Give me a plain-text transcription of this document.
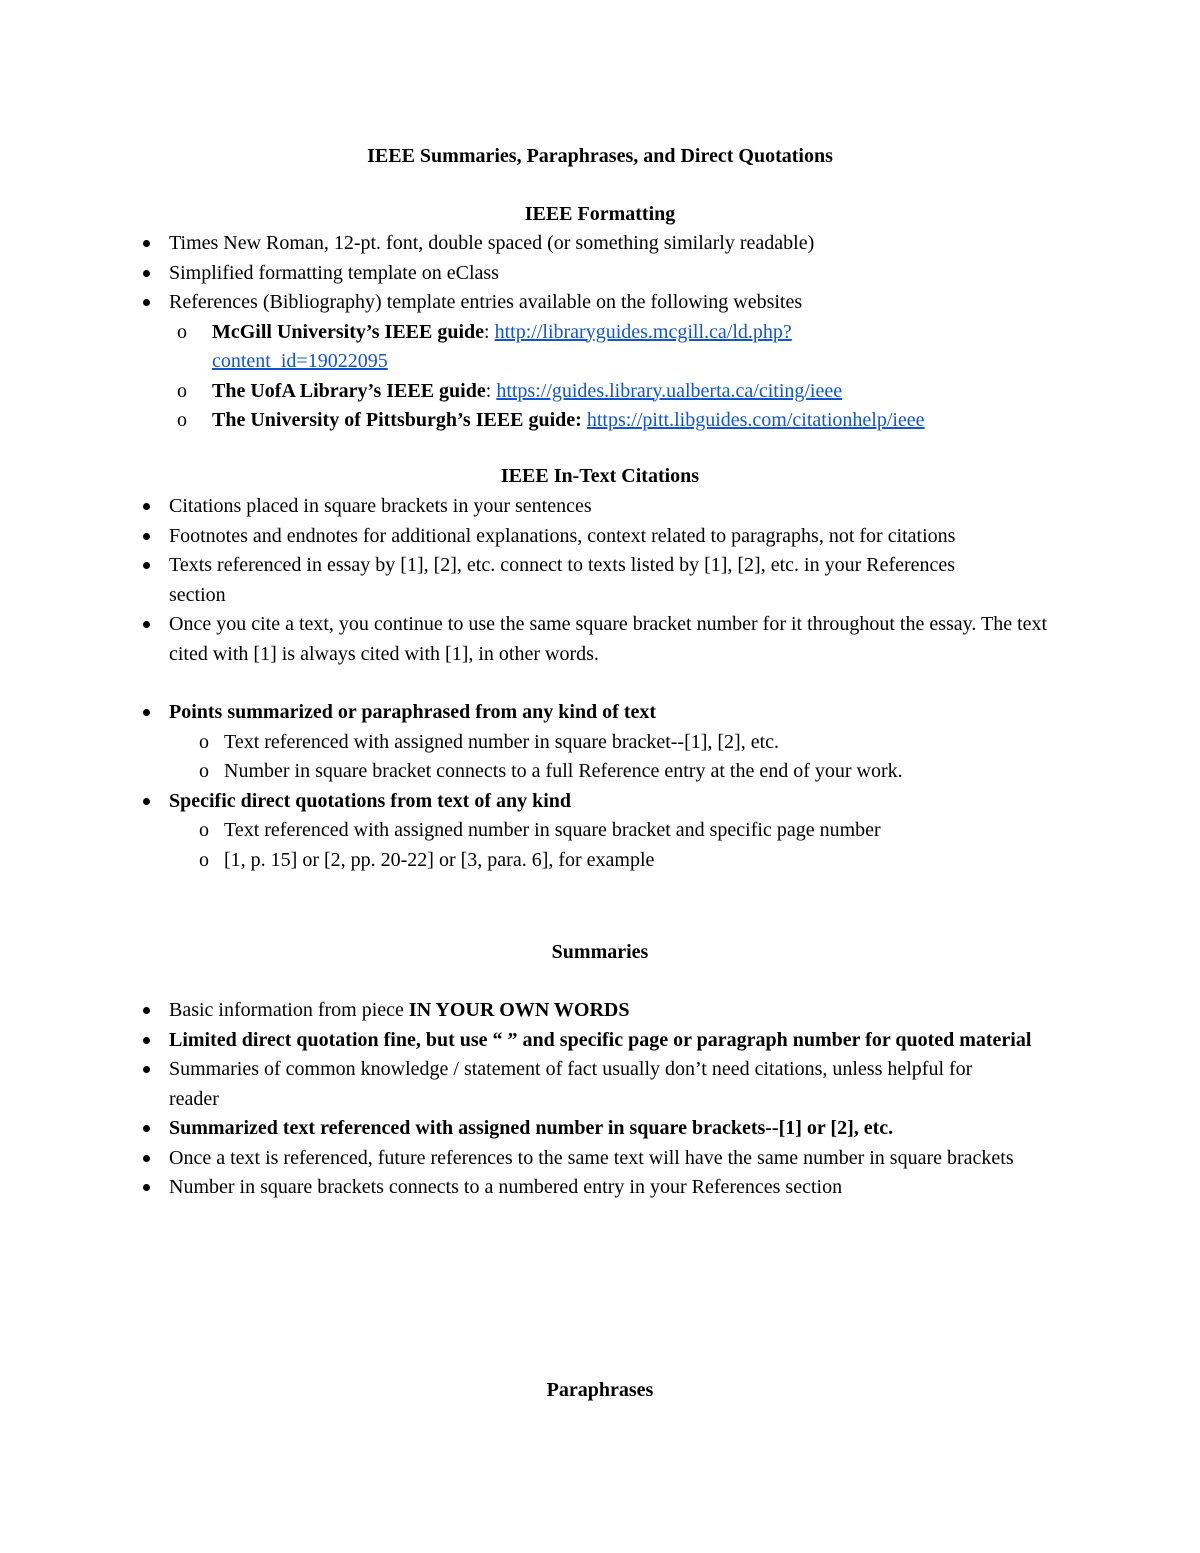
IEEE Summaries, Paraphrases, and Direct Quotations
IEEE Formatting
Times New Roman, 12-pt. font, double spaced (or something similarly readable)
Simplified formatting template on eClass
References (Bibliography) template entries available on the following websites
o McGill University’s IEEE guide: http://libraryguides.mcgill.ca/ld.php?content_id=19022095
o The UofA Library’s IEEE guide: https://guides.library.ualberta.ca/citing/ieee
o The University of Pittsburgh’s IEEE guide: https://pitt.libguides.com/citationhelp/ieee
IEEE In-Text Citations
Citations placed in square brackets in your sentences
Footnotes and endnotes for additional explanations, context related to paragraphs, not for citations
Texts referenced in essay by [1], [2], etc. connect to texts listed by [1], [2], etc. in your References section
Once you cite a text, you continue to use the same square bracket number for it throughout the essay. The text cited with [1] is always cited with [1], in other words.
Points summarized or paraphrased from any kind of text
o Text referenced with assigned number in square bracket--[1], [2], etc.
o Number in square bracket connects to a full Reference entry at the end of your work.
Specific direct quotations from text of any kind
o Text referenced with assigned number in square bracket and specific page number
o [1, p. 15] or [2, pp. 20-22] or [3, para. 6], for example
Summaries
Basic information from piece IN YOUR OWN WORDS
Limited direct quotation fine, but use “ ” and specific page or paragraph number for quoted material
Summaries of common knowledge / statement of fact usually don’t need citations, unless helpful for reader
Summarized text referenced with assigned number in square brackets--[1] or [2], etc.
Once a text is referenced, future references to the same text will have the same number in square brackets
Number in square brackets connects to a numbered entry in your References section
Paraphrases
